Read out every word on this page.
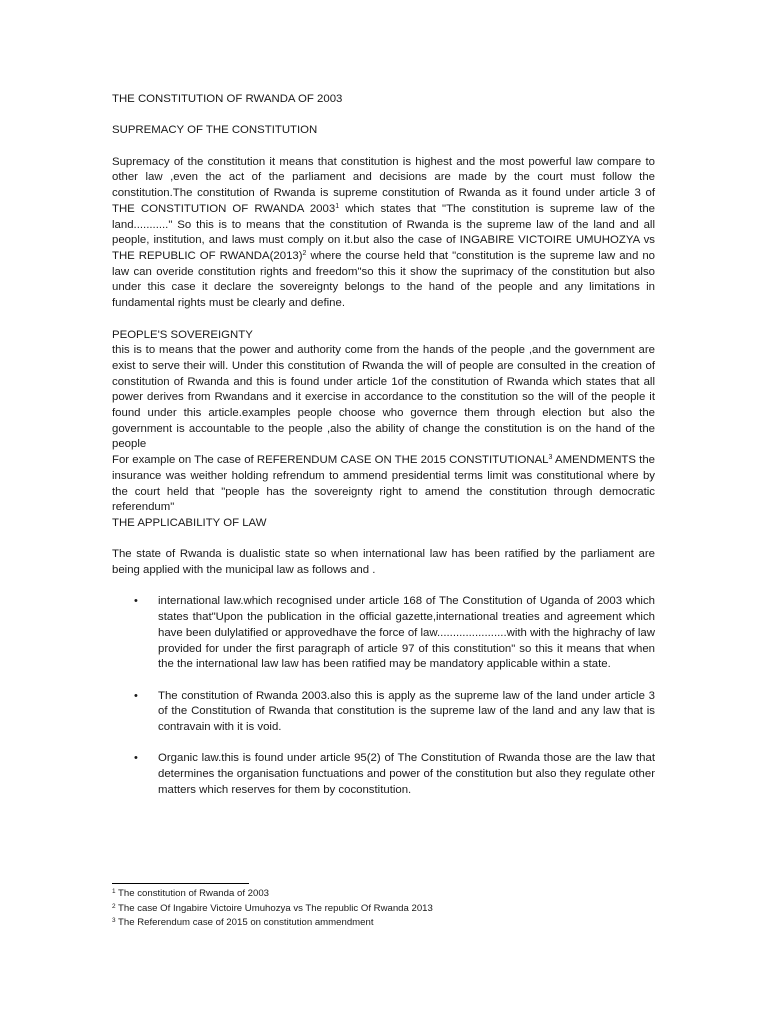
THE CONSTITUTION OF RWANDA OF 2003

SUPREMACY OF THE CONSTITUTION

Supremacy of the constitution it means that constitution is highest and the most powerful law compare to other law ,even the act of the parliament and decisions are made by the court must follow the constitution.The constitution of Rwanda is supreme constitution of Rwanda as it found under article 3 of THE CONSTITUTION OF RWANDA 2003$^1$ which states that "The constitution is supreme law of the land..........." So this is to means that the constitution of Rwanda is the supreme law of the land and all people, institution, and laws must comply on it.but also the case of INGABIRE VICTOIRE UMUHOZYA vs THE REPUBLIC OF $RWANDA(2013)^2$ where the course held that "constitution is the supreme law and no law can overide constitution rights and freedom"so this it show the suprimacy of the constitution but also under this case it declare the sovereignty belongs to the hand of the people and any limitations in fundamental rights must be clearly and define.

PEOPLE'S SOVEREIGNTY

this is to means that the power and authority come from the hands of the people ,and the government are exist to serve their will. Under this constitution of Rwanda the will of people are consulted in the creation of constitution of Rwanda and this is found under article 1of the constitution of Rwanda which states that all power derives from Rwandans and it exercise in accordance to the constitution so the will of the people it found under this article.examples people choose who governce them through election but also the government is accountable to the people ,also the ability of change the constitution is on the hand of the people

For example on The case of REFERENDUM CASE ON THE 2015 CONSTITUTIONAL$^3$ AMENDMENTS the insurance was weither holding refrendum to ammend presidential terms limit was constitutional where by the court held that "people has the sovereignty right to amend the constitution through democratic referendum"

THE APPLICABILITY OF LAW

The state of Rwanda is dualistic state so when international law has been ratified by the parliament are being applied with the municipal law as follows and .

• international law.which recognised under article 168 of The Constitution of Uganda of 2003 which states that"Upon the publication in the official gazette,international treaties and agreement which have been dulylatified or approvedhave the force of law......................with with the highrachy of law provided for under the first paragraph of article 97 of this constitution" so this it means that when the the international law law has been ratified may be mandatory applicable within a state.
• The constitution of Rwanda 2003.also this is apply as the supreme law of the land under article 3 of the Constitution of Rwanda that constitution is the supreme law of the land and any law that is contravain with it is void.
• Organic law.this is found under article 95(2) of The Constitution of Rwanda those are the law that determines the organisation functuations and power of the constitution but also they regulate other matters which reserves for them by coconstitution.
$^1$ The constitution of Rwanda of 2003
$^2$ The case Of Ingabire Victoire Umuhozya vs The republic Of Rwanda 2013
$^3$ The Referendum case of 2015 on constitution ammendment
